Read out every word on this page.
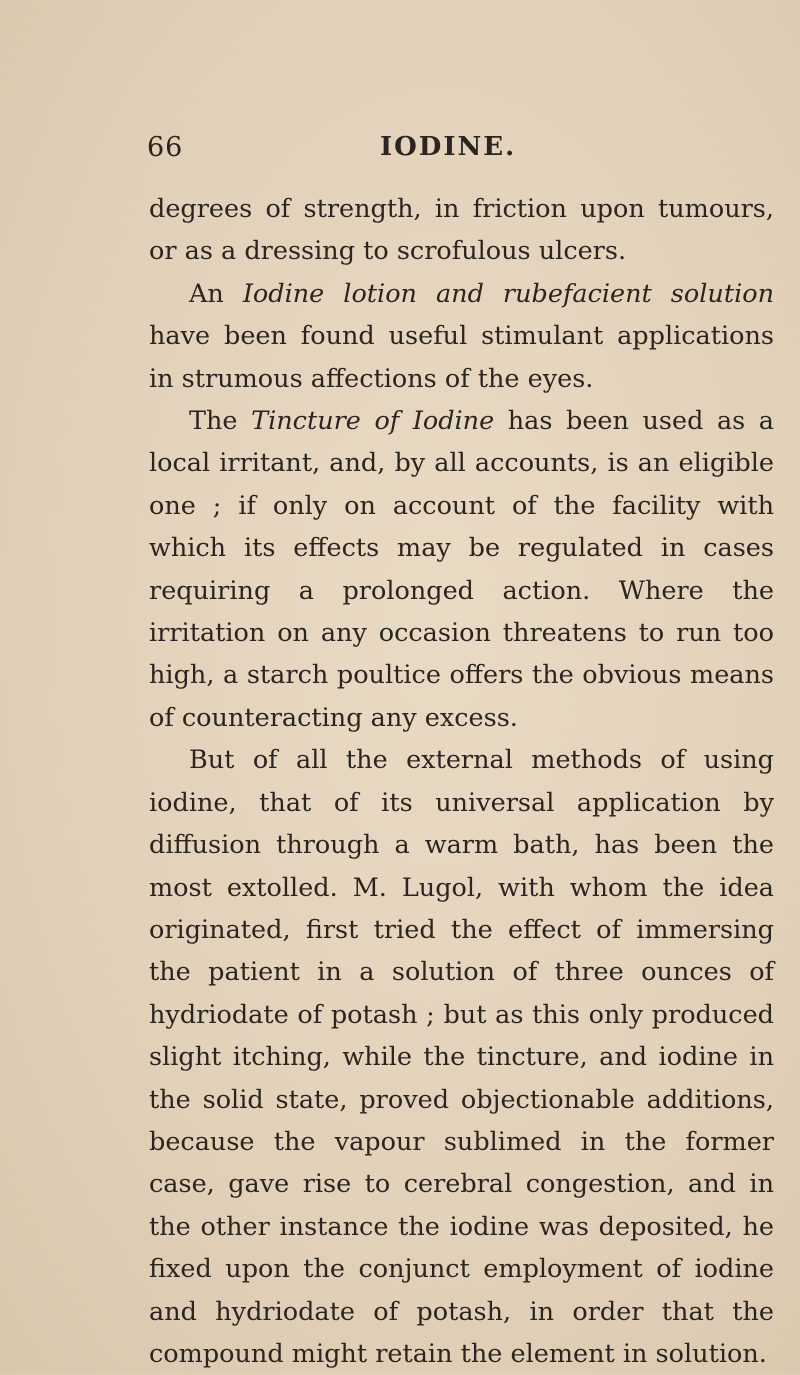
66	IODINE.

degrees of strength, in friction upon tumours, or as a dressing to scrofulous ulcers.

An Iodine lotion and rubefacient solution have been found useful stimulant applications in strumous affections of the eyes.

The Tincture of Iodine has been used as a local irritant, and, by all accounts, is an eligible one ; if only on account of the facility with which its effects may be regulated in cases requiring a prolonged action. Where the irritation on any occasion threatens to run too high, a starch poultice offers the obvious means of counteracting any excess.

But of all the external methods of using iodine, that of its universal application by diffusion through a warm bath, has been the most extolled. M. Lugol, with whom the idea originated, first tried the effect of immersing the patient in a solution of three ounces of hydriodate of potash ; but as this only produced slight itching, while the tincture, and iodine in the solid state, proved objectionable additions, because the vapour sublimed in the former case, gave rise to cerebral congestion, and in the other instance the iodine was deposited, he fixed upon the conjunct employment of iodine and hydriodate of potash, in order that the compound might retain the element in solution.
